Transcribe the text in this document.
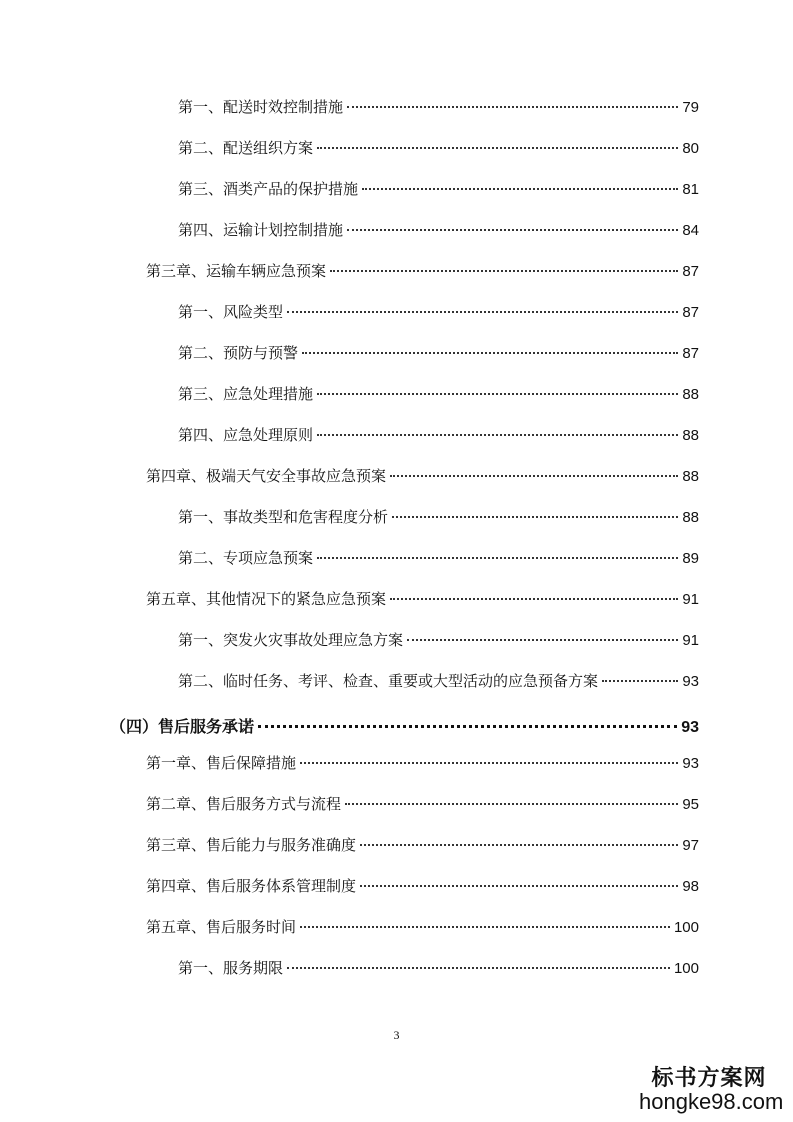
第一、配送时效控制措施	79
第二、配送组织方案	80
第三、酒类产品的保护措施	81
第四、运输计划控制措施	84
第三章、运输车辆应急预案	87
第一、风险类型	87
第二、预防与预警	87
第三、应急处理措施	88
第四、应急处理原则	88
第四章、极端天气安全事故应急预案	88
第一、事故类型和危害程度分析	88
第二、专项应急预案	89
第五章、其他情况下的紧急应急预案	91
第一、突发火灾事故处理应急方案	91
第二、临时任务、考评、检查、重要或大型活动的应急预备方案	93
（四）售后服务承诺	93
第一章、售后保障措施	93
第二章、售后服务方式与流程	95
第三章、售后能力与服务准确度	97
第四章、售后服务体系管理制度	98
第五章、售后服务时间	100
第一、服务期限	100
3
标书方案网
hongke98.com
